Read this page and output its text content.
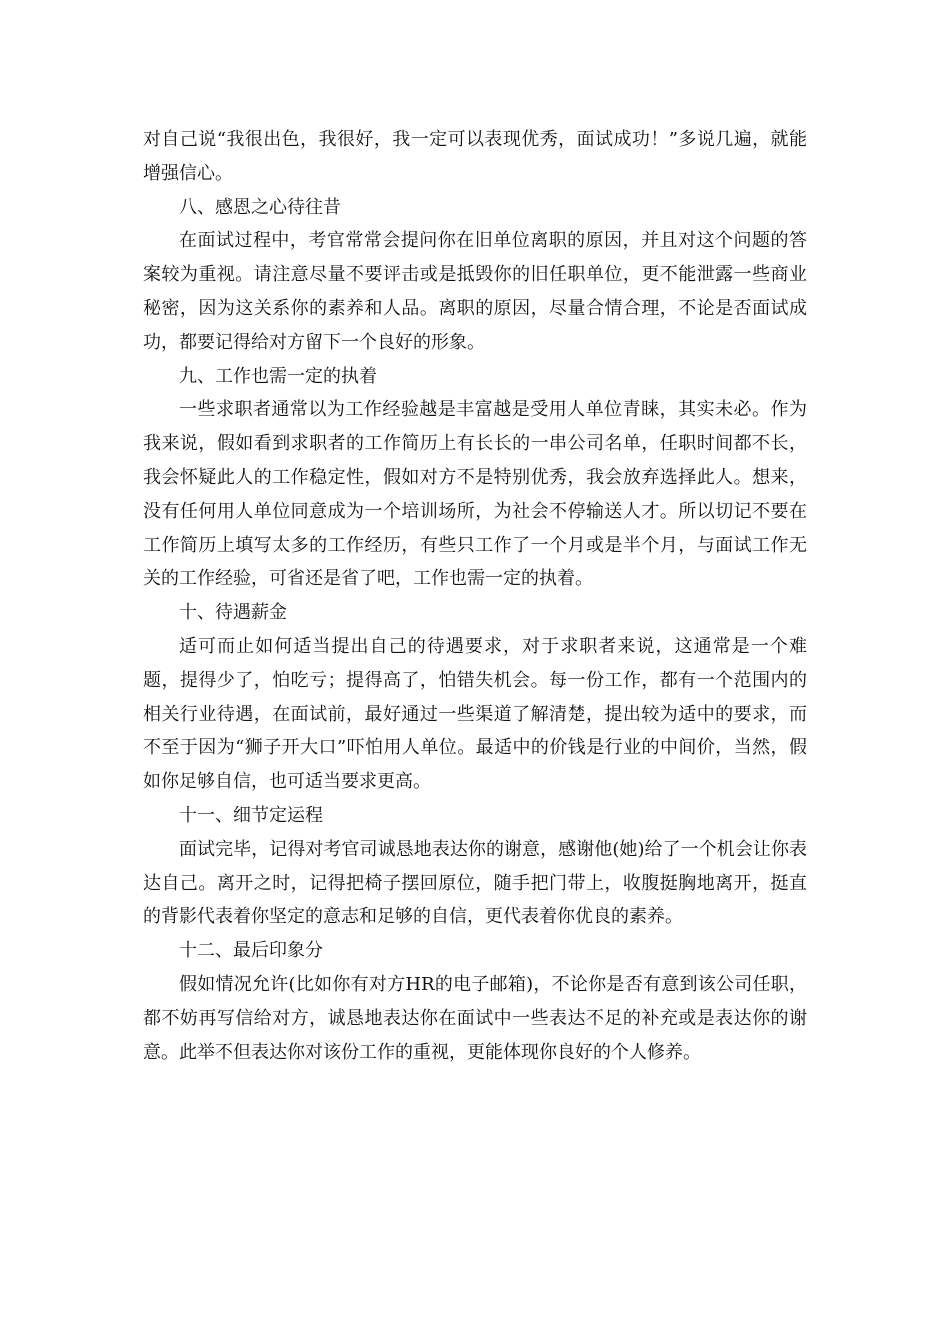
对自己说“我很出色，我很好，我一定可以表现优秀，面试成功！”多说几遍，就能增强信心。

八、感恩之心待往昔

在面试过程中，考官常常会提问你在旧单位离职的原因，并且对这个问题的答案较为重视。请注意尽量不要评击或是抵毁你的旧任职单位，更不能泄露一些商业秘密，因为这关系你的素养和人品。离职的原因，尽量合情合理，不论是否面试成功，都要记得给对方留下一个良好的形象。

九、工作也需一定的执着

一些求职者通常以为工作经验越是丰富越是受用人单位青睐，其实未必。作为我来说，假如看到求职者的工作简历上有长长的一串公司名单，任职时间都不长，我会怀疑此人的工作稳定性，假如对方不是特别优秀，我会放弃选择此人。想来，没有任何用人单位同意成为一个培训场所，为社会不停输送人才。所以切记不要在工作简历上填写太多的工作经历，有些只工作了一个月或是半个月，与面试工作无关的工作经验，可省还是省了吧，工作也需一定的执着。

十、待遇薪金

适可而止如何适当提出自己的待遇要求，对于求职者来说，这通常是一个难题，提得少了，怕吃亏；提得高了，怕错失机会。每一份工作，都有一个范围内的相关行业待遇，在面试前，最好通过一些渠道了解清楚，提出较为适中的要求，而不至于因为“狮子开大口”吓怕用人单位。最适中的价钱是行业的中间价，当然，假如你足够自信，也可适当要求更高。

十一、细节定运程

面试完毕，记得对考官司诚恳地表达你的谢意，感谢他(她)给了一个机会让你表达自己。离开之时，记得把椅子摆回原位，随手把门带上，收腹挺胸地离开，挺直的背影代表着你坚定的意志和足够的自信，更代表着你优良的素养。

十二、最后印象分

假如情况允许(比如你有对方HR的电子邮箱)，不论你是否有意到该公司任职，都不妨再写信给对方，诚恳地表达你在面试中一些表达不足的补充或是表达你的谢意。此举不但表达你对该份工作的重视，更能体现你良好的个人修养。
